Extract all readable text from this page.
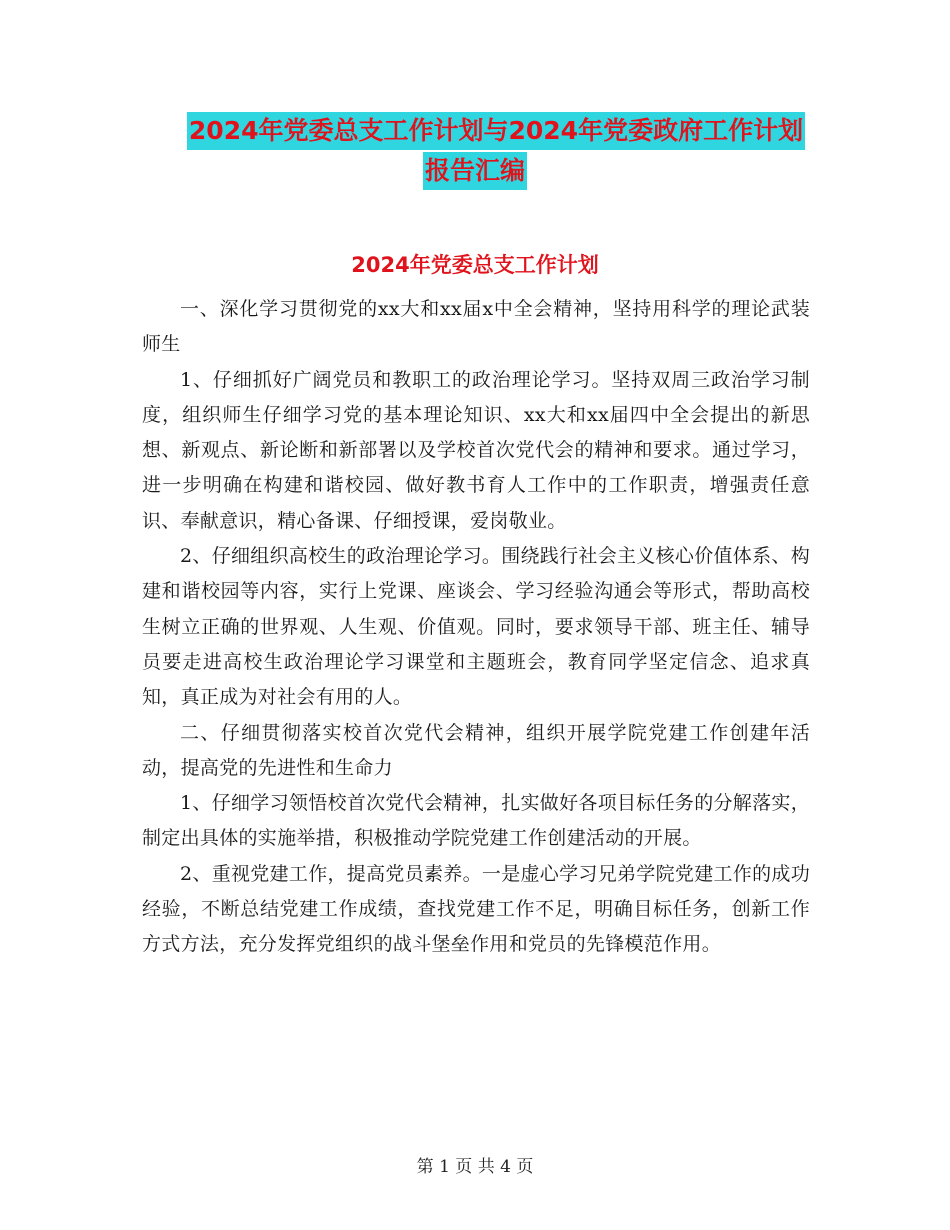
2024年党委总支工作计划与2024年党委政府工作计划
报告汇编
2024年党委总支工作计划

一、深化学习贯彻党的xx大和xx届x中全会精神，坚持用科学的理论武装师生

1、仔细抓好广阔党员和教职工的政治理论学习。坚持双周三政治学习制度，组织师生仔细学习党的基本理论知识、xx大和xx届四中全会提出的新思想、新观点、新论断和新部署以及学校首次党代会的精神和要求。通过学习，进一步明确在构建和谐校园、做好教书育人工作中的工作职责，增强责任意识、奉献意识，精心备课、仔细授课，爱岗敬业。

2、仔细组织高校生的政治理论学习。围绕践行社会主义核心价值体系、构建和谐校园等内容，实行上党课、座谈会、学习经验沟通会等形式，帮助高校生树立正确的世界观、人生观、价值观。同时，要求领导干部、班主任、辅导员要走进高校生政治理论学习课堂和主题班会，教育同学坚定信念、追求真知，真正成为对社会有用的人。

二、仔细贯彻落实校首次党代会精神，组织开展学院党建工作创建年活动，提高党的先进性和生命力

1、仔细学习领悟校首次党代会精神，扎实做好各项目标任务的分解落实，制定出具体的实施举措，积极推动学院党建工作创建活动的开展。

2、重视党建工作，提高党员素养。一是虚心学习兄弟学院党建工作的成功经验，不断总结党建工作成绩，查找党建工作不足，明确目标任务，创新工作方式方法，充分发挥党组织的战斗堡垒作用和党员的先锋模范作用。

第 1 页 共 4 页
